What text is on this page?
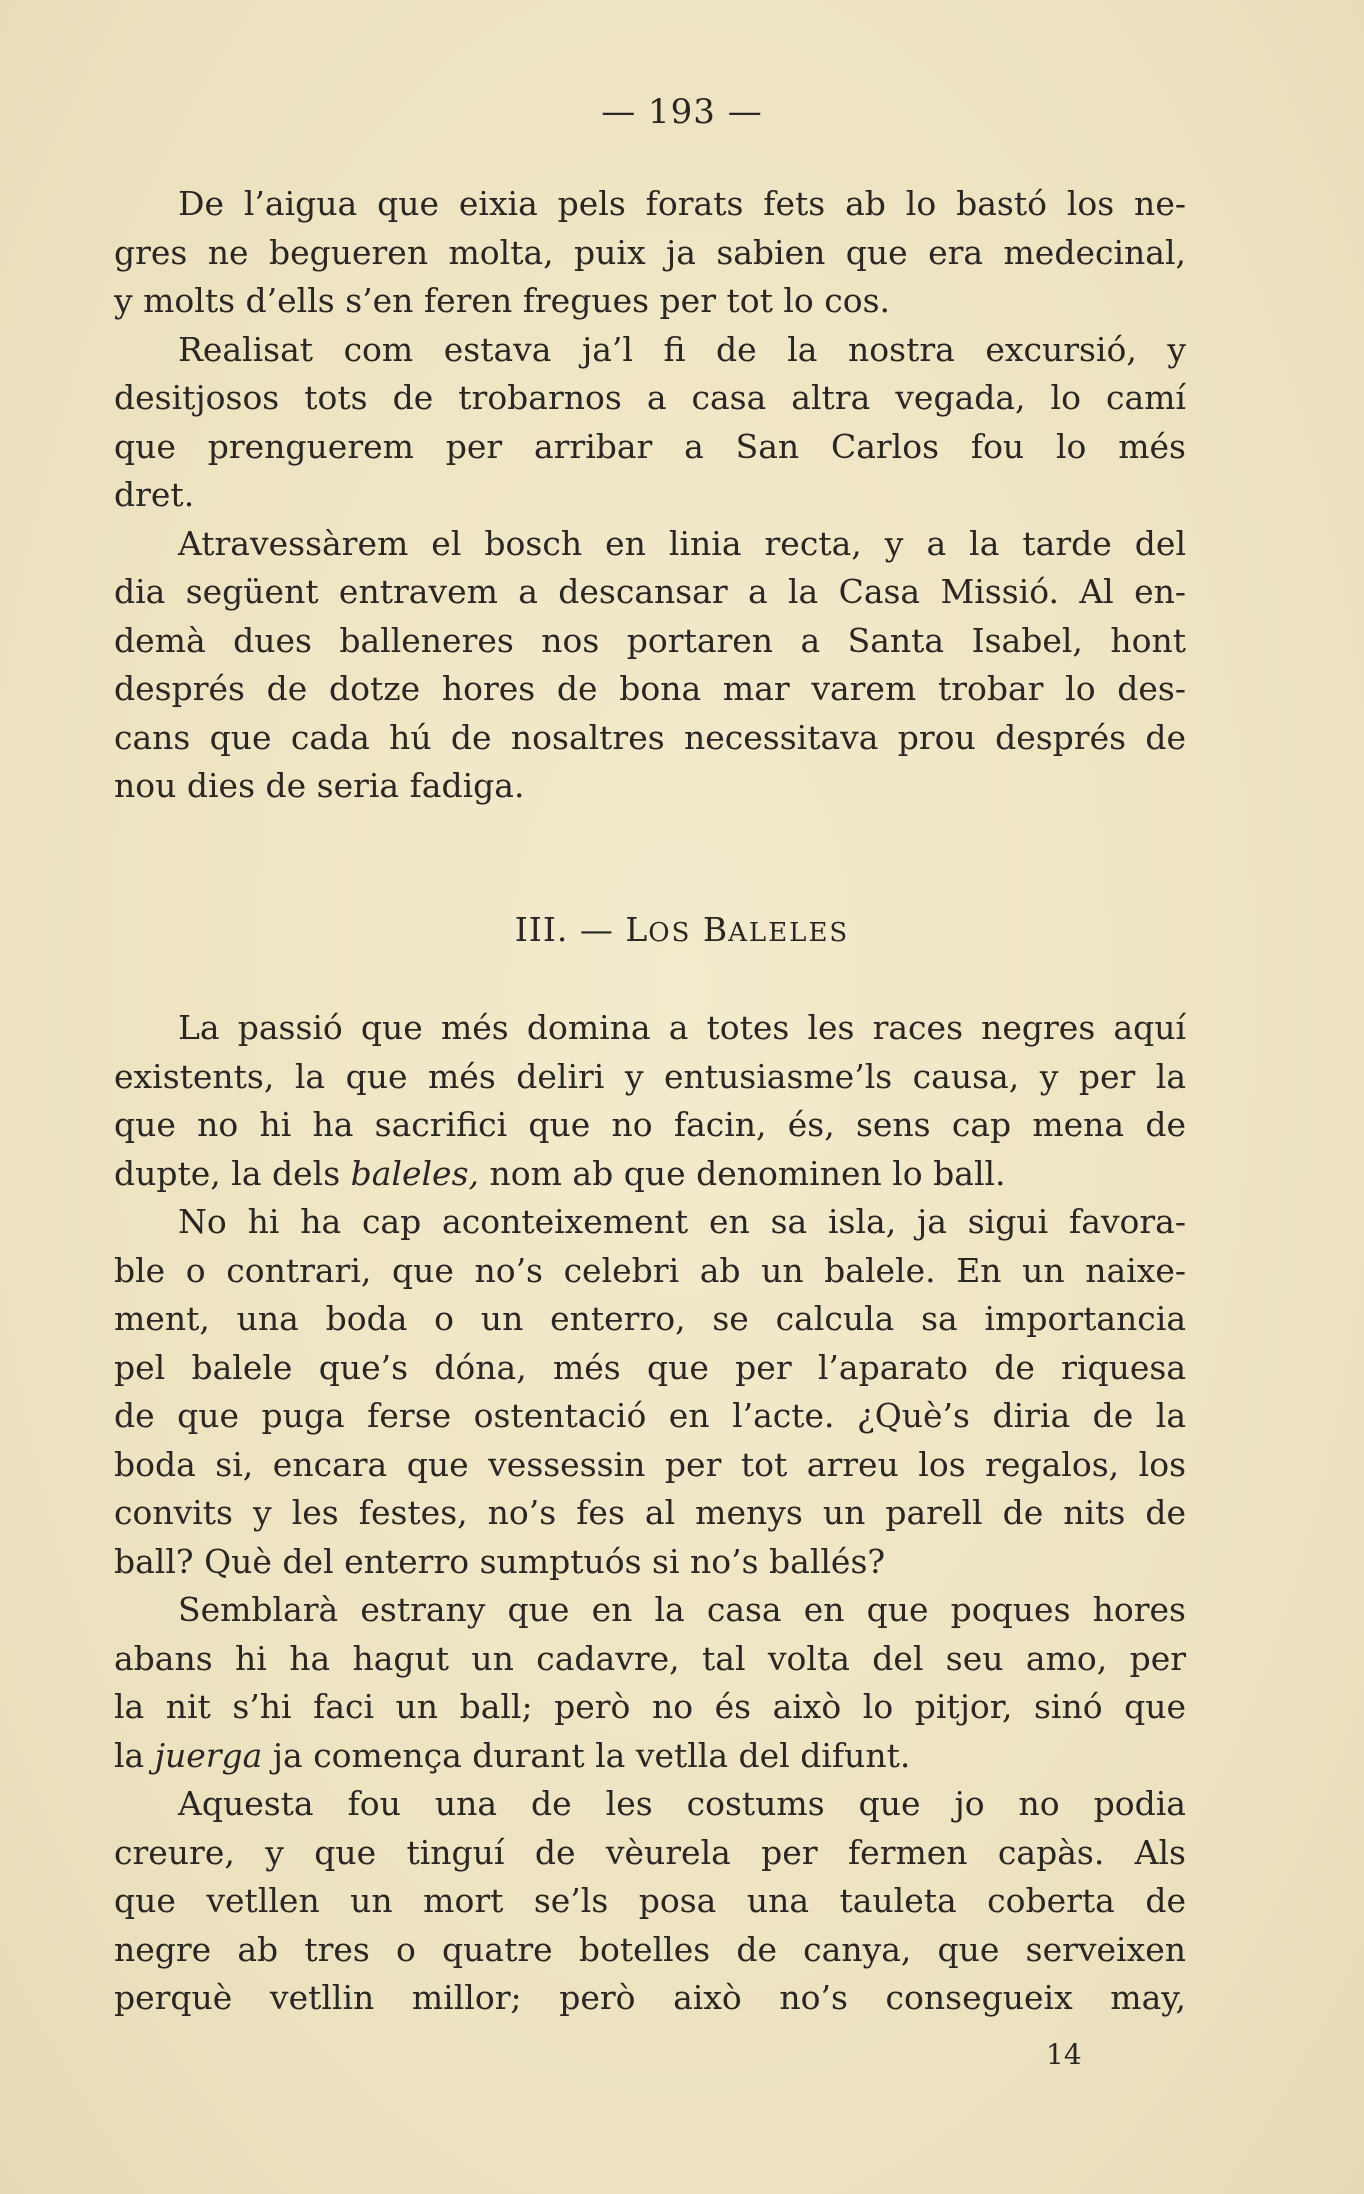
— 193 —
De l’aigua que eixia pels forats fets ab lo bastó los ne-
gres ne begueren molta, puix ja sabien que era medecinal,
y molts d’ells s’en feren fregues per tot lo cos.
Realisat com estava ja’l fi de la nostra excursió, y
desitjosos tots de trobarnos a casa altra vegada, lo camí
que prenguerem per arribar a San Carlos fou lo més
dret.
Atravessàrem el bosch en linia recta, y a la tarde del
dia següent entravem a descansar a la Casa Missió. Al en-
demà dues balleneres nos portaren a Santa Isabel, hont
després de dotze hores de bona mar varem trobar lo des-
cans que cada hú de nosaltres necessitava prou després de
nou dies de seria fadiga.
III. — LOS BALELES
La passió que més domina a totes les races negres aquí
existents, la que més deliri y entusiasme’ls causa, y per la
que no hi ha sacrifici que no facin, és, sens cap mena de
dupte, la dels baleles, nom ab que denominen lo ball.
No hi ha cap aconteixement en sa isla, ja sigui favora-
ble o contrari, que no’s celebri ab un balele. En un naixe-
ment, una boda o un enterro, se calcula sa importancia
pel balele que’s dóna, més que per l’aparato de riquesa
de que puga ferse ostentació en l’acte. ¿Què’s diria de la
boda si, encara que vessessin per tot arreu los regalos, los
convits y les festes, no’s fes al menys un parell de nits de
ball? Què del enterro sumptuós si no’s ballés?
Semblarà estrany que en la casa en que poques hores
abans hi ha hagut un cadavre, tal volta del seu amo, per
la nit s’hi faci un ball; però no és això lo pitjor, sinó que
la juerga ja comença durant la vetlla del difunt.
Aquesta fou una de les costums que jo no podia
creure, y que tinguí de vèurela per fermen capàs. Als
que vetllen un mort se’ls posa una tauleta coberta de
negre ab tres o quatre botelles de canya, que serveixen
perquè vetllin millor; però això no’s consegueix may,
14
